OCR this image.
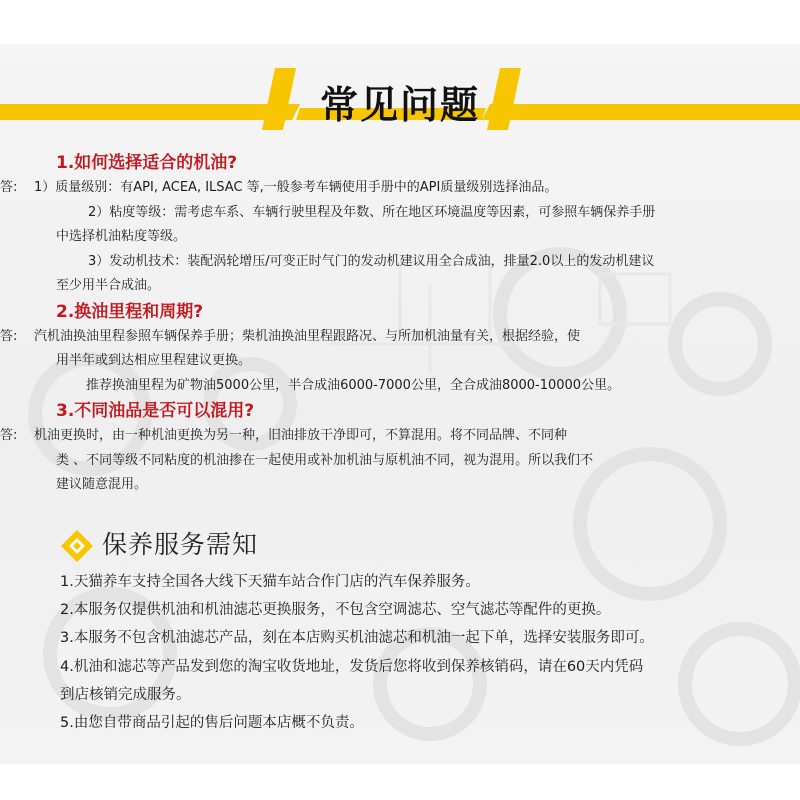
常见问题
1.如何选择适合的机油?
答: 1）质量级别：有API, ACEA, ILSAC 等,一般参考车辆使用手册中的API质量级别选择油品。
2）粘度等级：需考虑车系、车辆行驶里程及年数、所在地区环境温度等因素，可参照车辆保养手册
中选择机油粘度等级。
3）发动机技术：装配涡轮增压/可变正时气门的发动机建议用全合成油，排量2.0以上的发动机建议
至少用半合成油。
2.换油里程和周期?
答: 汽机油换油里程参照车辆保养手册；柴机油换油里程跟路况、与所加机油量有关，根据经验，使
用半年或到达相应里程建议更换。
推荐换油里程为矿物油5000公里，半合成油6000-7000公里，全合成油8000-10000公里。
3.不同油品是否可以混用?
答: 机油更换时，由一种机油更换为另一种，旧油排放干净即可，不算混用。将不同品牌、不同种
类 、不同等级不同粘度的机油掺在一起使用或补加机油与原机油不同，视为混用。所以我们不
建议随意混用。
保养服务需知
1.天猫养车支持全国各大线下天猫车站合作门店的汽车保养服务。
2.本服务仅提供机油和机油滤芯更换服务，不包含空调滤芯、空气滤芯等配件的更换。
3.本服务不包含机油滤芯产品，刻在本店购买机油滤芯和机油一起下单，选择安装服务即可。
4.机油和滤芯等产品发到您的淘宝收货地址，发货后您将收到保养核销码，请在60天内凭码
到店核销完成服务。
5.由您自带商品引起的售后问题本店概不负责。
